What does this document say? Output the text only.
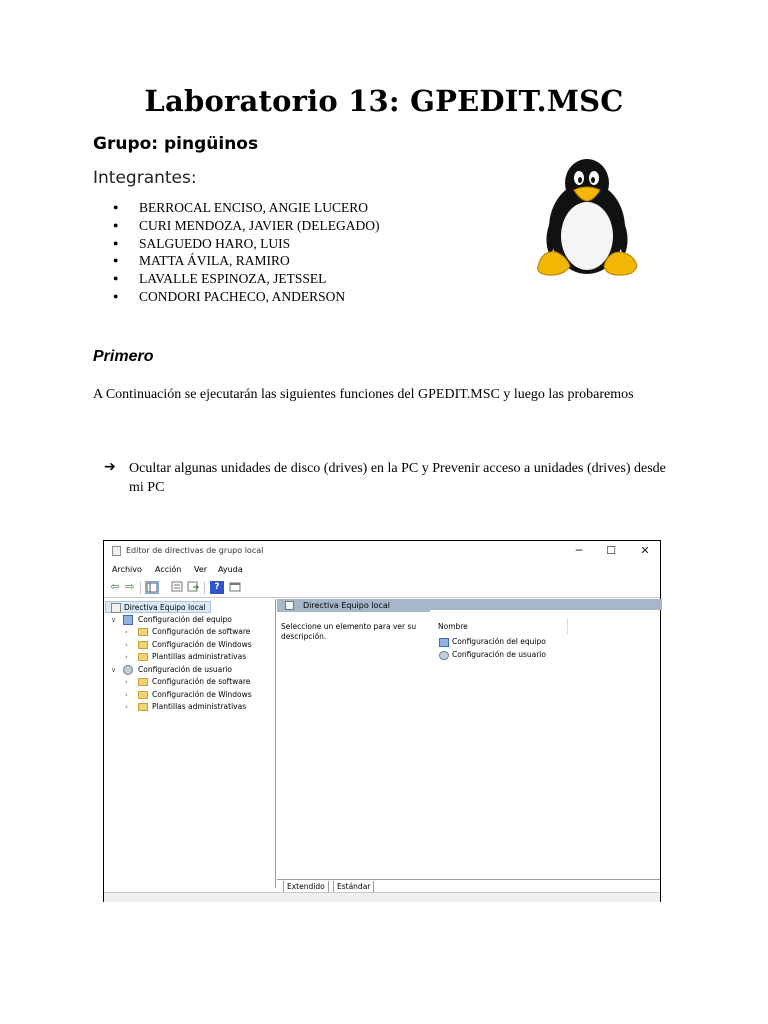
Laboratorio 13: GPEDIT.MSC
Grupo: pingüinos
Integrantes:
● BERROCAL ENCISO, ANGIE LUCERO
● CURI MENDOZA, JAVIER (DELEGADO)
● SALGUEDO HARO, LUIS
● MATTA ÁVILA, RAMIRO
● LAVALLE ESPINOZA, JETSSEL
● CONDORI PACHECO, ANDERSON
Primero
A Continuación se ejecutarán las siguientes funciones del GPEDIT.MSC y luego las probaremos
➔ Ocultar algunas unidades de disco (drives) en la PC y Prevenir acceso a unidades (drives) desde mi PC
Editor de directivas de grupo local	─	☐	✕
Archivo Acción Ver Ayuda
⇦ ⇨	?
Directiva Equipo local
∨	Configuración del equipo
›	Configuración de software
›	Configuración de Windows
›	Plantillas administrativas
∨	Configuración de usuario
›	Configuración de software
›	Configuración de Windows
›	Plantillas administrativas
Directiva Equipo local
Seleccione un elemento para ver su descripción.
Nombre
Configuración del equipo
Configuración de usuario
Extendido	Estándar
